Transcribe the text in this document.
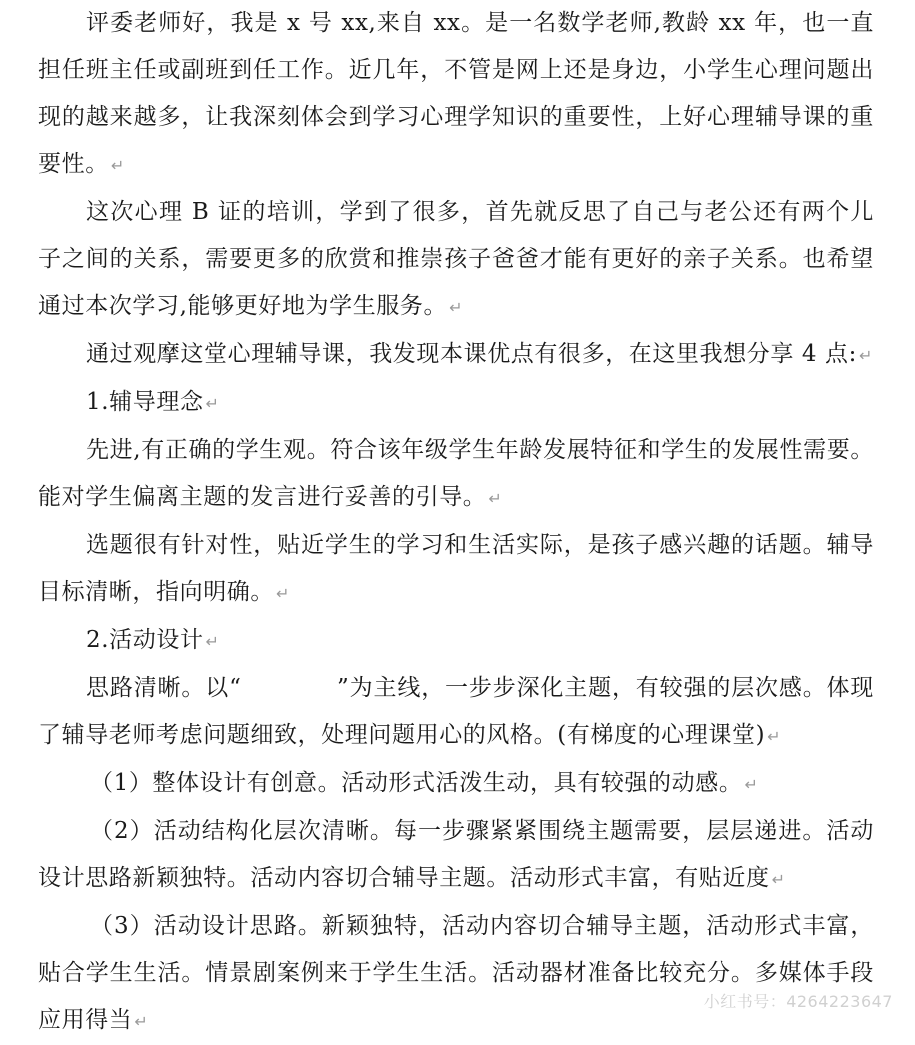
评委老师好，我是 x 号 xx,来自 xx。是一名数学老师,教龄 xx 年，也一直担任班主任或副班到任工作。近几年，不管是网上还是身边，小学生心理问题出现的越来越多，让我深刻体会到学习心理学知识的重要性，上好心理辅导课的重要性。 ↵

这次心理 B 证的培训，学到了很多，首先就反思了自己与老公还有两个儿子之间的关系，需要更多的欣赏和推崇孩子爸爸才能有更好的亲子关系。也希望通过本次学习,能够更好地为学生服务。 ↵

通过观摩这堂心理辅导课，我发现本课优点有很多，在这里我想分享 4 点: ↵

1.辅导理念 ↵

先进,有正确的学生观。符合该年级学生年龄发展特征和学生的发展性需要。能对学生偏离主题的发言进行妥善的引导。 ↵

选题很有针对性，贴近学生的学习和生活实际，是孩子感兴趣的话题。辅导目标清晰，指向明确。 ↵

2.活动设计 ↵

思路清晰。以“　　　　”为主线，一步步深化主题，有较强的层次感。体现了辅导老师考虑问题细致，处理问题用心的风格。(有梯度的心理课堂) ↵

（1）整体设计有创意。活动形式活泼生动，具有较强的动感。 ↵

（2）活动结构化层次清晰。每一步骤紧紧围绕主题需要，层层递进。活动设计思路新颖独特。活动内容切合辅导主题。活动形式丰富，有贴近度 ↵

（3）活动设计思路。新颖独特，活动内容切合辅导主题，活动形式丰富，贴合学生生活。情景剧案例来于学生生活。活动器材准备比较充分。多媒体手段应用得当 ↵

小红书号：4264223647
